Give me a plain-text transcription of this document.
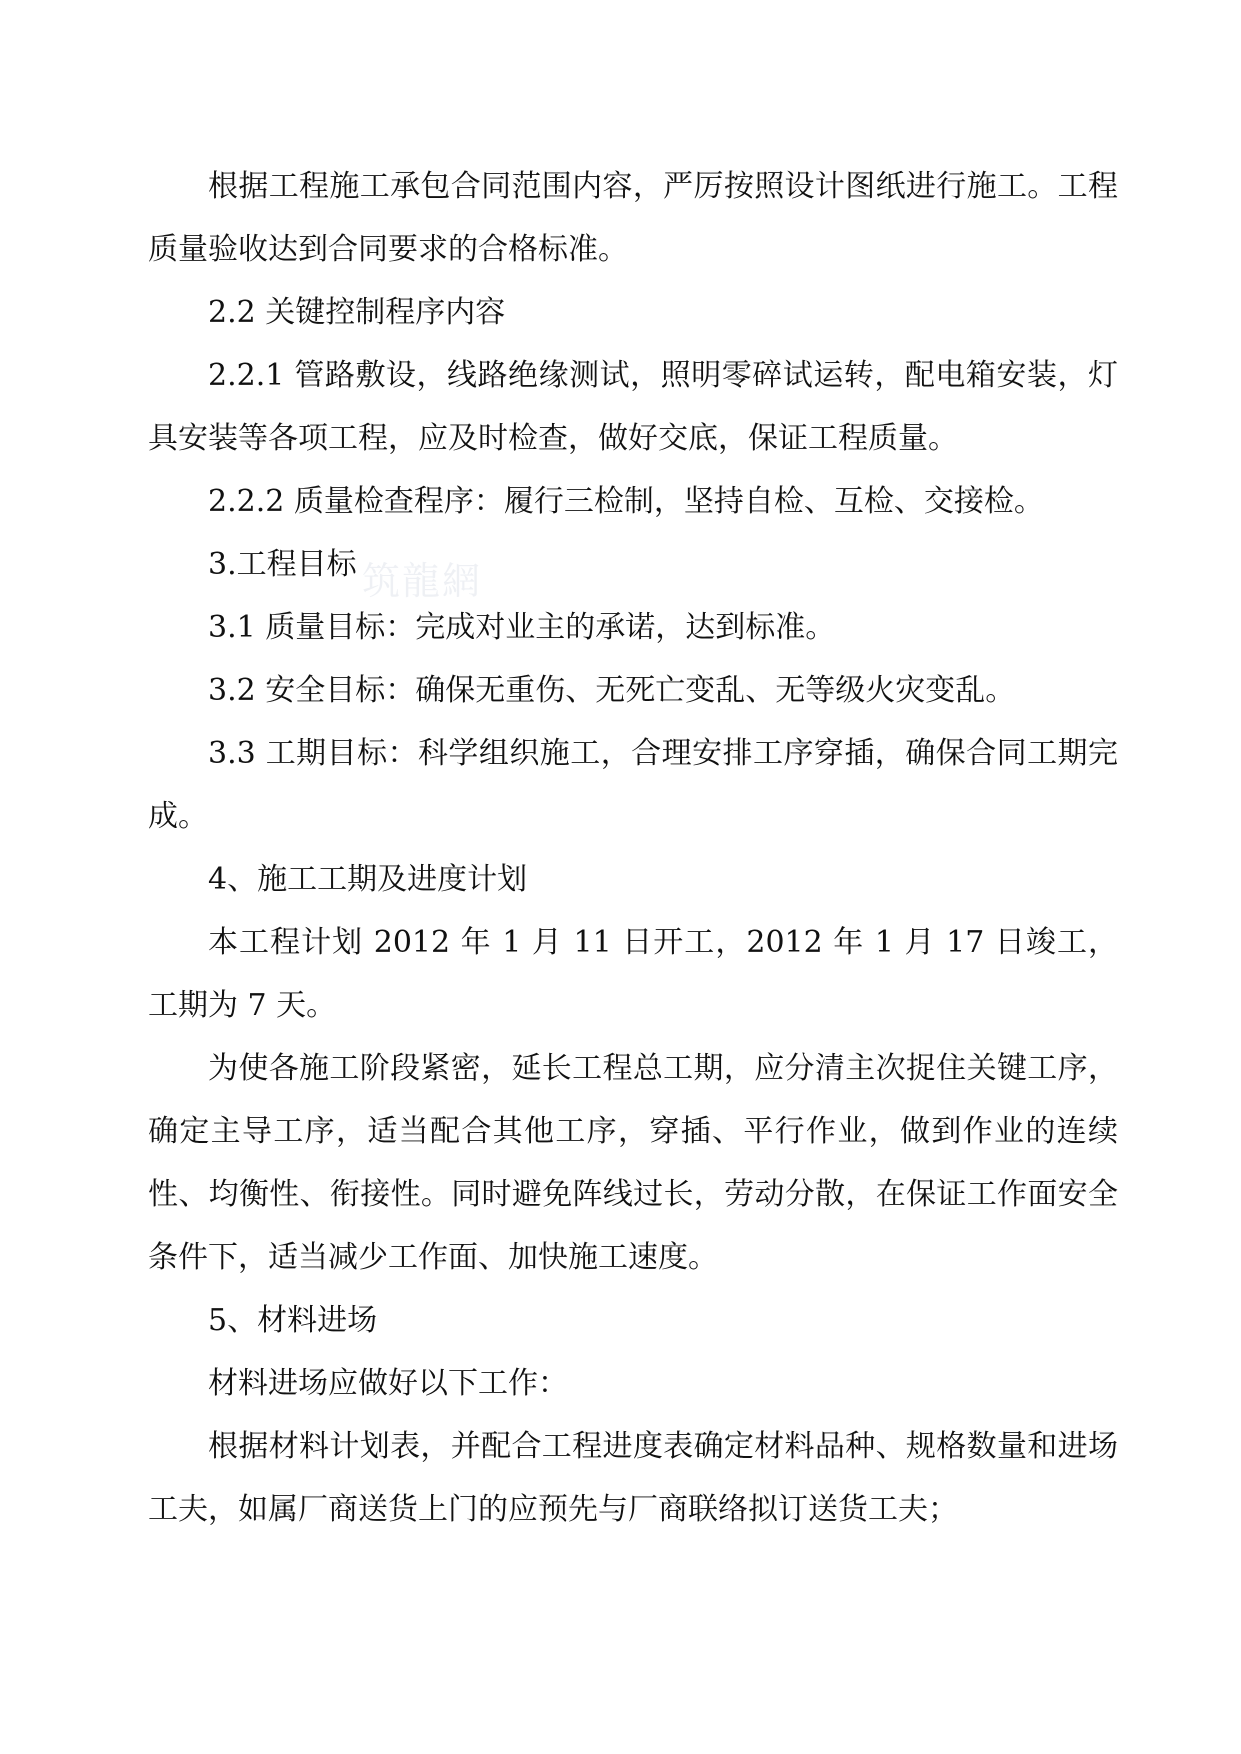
筑龍網

根据工程施工承包合同范围内容，严厉按照设计图纸进行施工。工程质量验收达到合同要求的合格标准。

2.2 关键控制程序内容

2.2.1 管路敷设，线路绝缘测试，照明零碎试运转，配电箱安装，灯具安装等各项工程，应及时检查，做好交底，保证工程质量。

2.2.2 质量检查程序：履行三检制，坚持自检、互检、交接检。

3.工程目标

3.1 质量目标：完成对业主的承诺，达到标准。

3.2 安全目标：确保无重伤、无死亡变乱、无等级火灾变乱。

3.3 工期目标：科学组织施工，合理安排工序穿插，确保合同工期完成。

4、施工工期及进度计划

本工程计划 2012 年 1 月 11 日开工，2012 年 1 月 17 日竣工，工期为 7 天。

为使各施工阶段紧密，延长工程总工期，应分清主次捉住关键工序，确定主导工序，适当配合其他工序，穿插、平行作业，做到作业的连续性、均衡性、衔接性。同时避免阵线过长，劳动分散，在保证工作面安全条件下，适当减少工作面、加快施工速度。

5、材料进场

材料进场应做好以下工作：

根据材料计划表，并配合工程进度表确定材料品种、规格数量和进场工夫，如属厂商送货上门的应预先与厂商联络拟订送货工夫；
